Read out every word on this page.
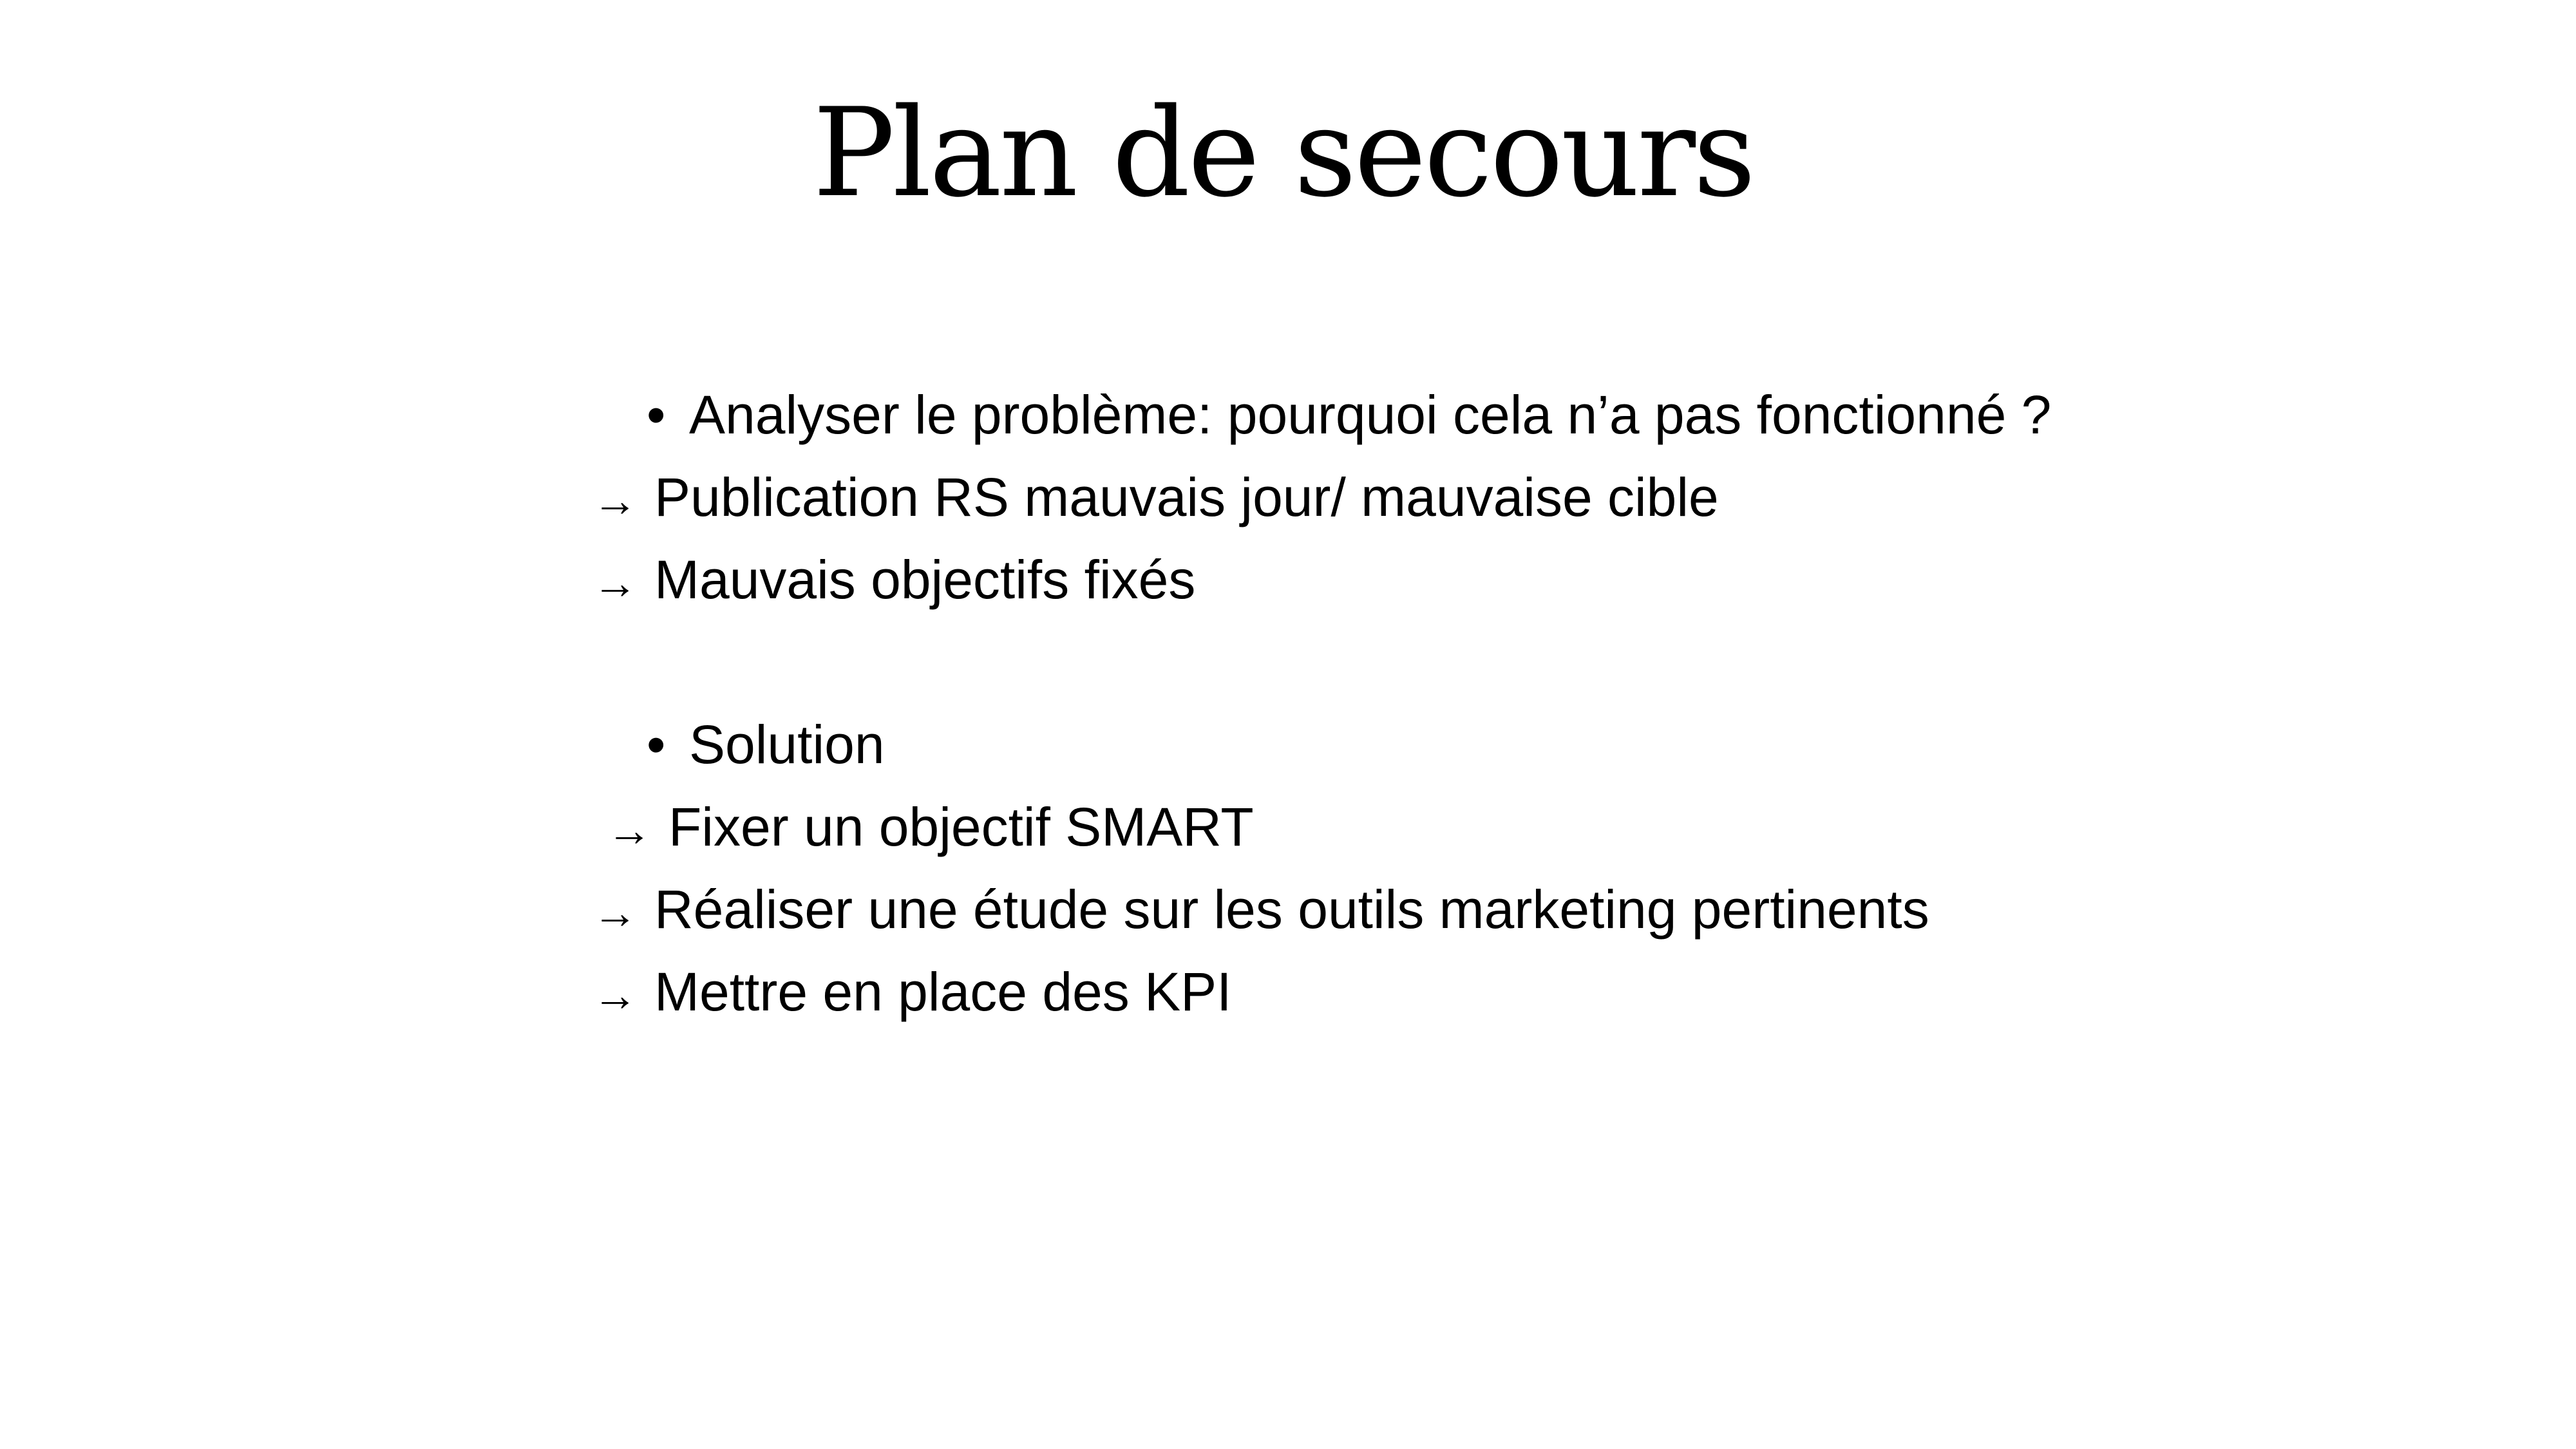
Plan de secours
• Analyser le problème: pourquoi cela n’a pas fonctionné ?
→ Publication RS mauvais jour/ mauvaise cible
→ Mauvais objectifs fixés
• Solution
→ Fixer un objectif SMART
→ Réaliser une étude sur les outils marketing pertinents
→ Mettre en place des KPI
